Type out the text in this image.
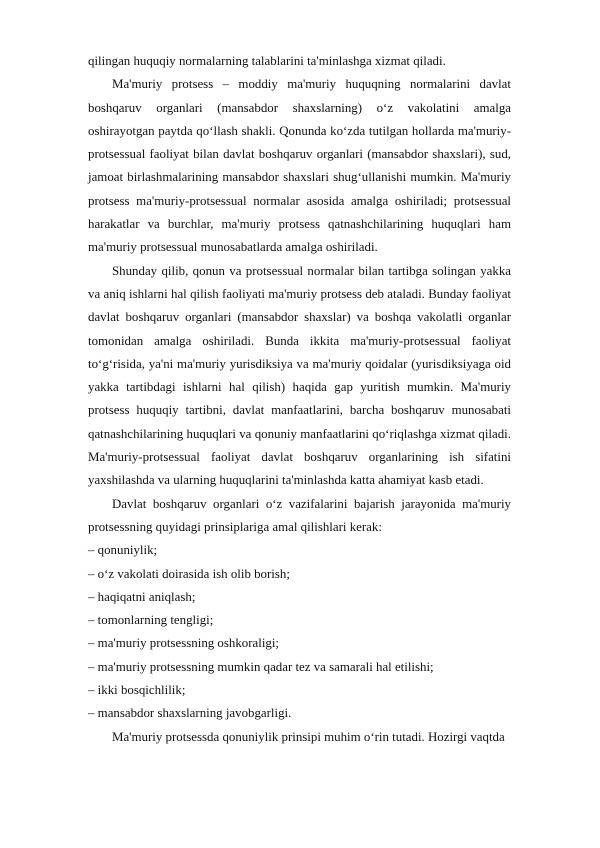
qilingan huquqiy normalarning talablarini ta'minlashga xizmat qiladi.

Ma'muriy protsess – moddiy ma'muriy huquqning normalarini davlat boshqaruv organlari (mansabdor shaxslarning) o‘z vakolatini amalga oshirayotgan paytda qo‘llash shakli. Qonunda ko‘zda tutilgan hollarda ma'muriy-protsessual faoliyat bilan davlat boshqaruv organlari (mansabdor shaxslari), sud, jamoat birlashmalarining mansabdor shaxslari shug‘ullanishi mumkin. Ma'muriy protsess ma'muriy-protsessual normalar asosida amalga oshiriladi; protsessual harakatlar va burchlar, ma'muriy protsess qatnashchilarining huquqlari ham ma'muriy protsessual munosabatlarda amalga oshiriladi.

Shunday qilib, qonun va protsessual normalar bilan tartibga solingan yakka va aniq ishlarni hal qilish faoliyati ma'muriy protsess deb ataladi. Bunday faoliyat davlat boshqaruv organlari (mansabdor shaxslar) va boshqa vakolatli organlar tomonidan amalga oshiriladi. Bunda ikkita ma'muriy-protsessual faoliyat to‘g‘risida, ya'ni ma'muriy yurisdiksiya va ma'muriy qoidalar (yurisdiksiyaga oid yakka tartibdagi ishlarni hal qilish) haqida gap yuritish mumkin. Ma'muriy protsess huquqiy tartibni, davlat manfaatlarini, barcha boshqaruv munosabati qatnashchilarining huquqlari va qonuniy manfaatlarini qo‘riqlashga xizmat qiladi. Ma'muriy-protsessual faoliyat davlat boshqaruv organlarining ish sifatini yaxshilashda va ularning huquqlarini ta'minlashda katta ahamiyat kasb etadi.

Davlat boshqaruv organlari o‘z vazifalarini bajarish jarayonida ma'muriy protsessning quyidagi prinsiplariga amal qilishlari kerak:

– qonuniylik;

– o‘z vakolati doirasida ish olib borish;

– haqiqatni aniqlash;

– tomonlarning tengligi;

– ma'muriy protsessning oshkoraligi;

– ma'muriy protsessning mumkin qadar tez va samarali hal etilishi;

– ikki bosqichlilik;

– mansabdor shaxslarning javobgarligi.

Ma'muriy protsessda qonuniylik prinsipi muhim o‘rin tutadi. Hozirgi vaqtda
